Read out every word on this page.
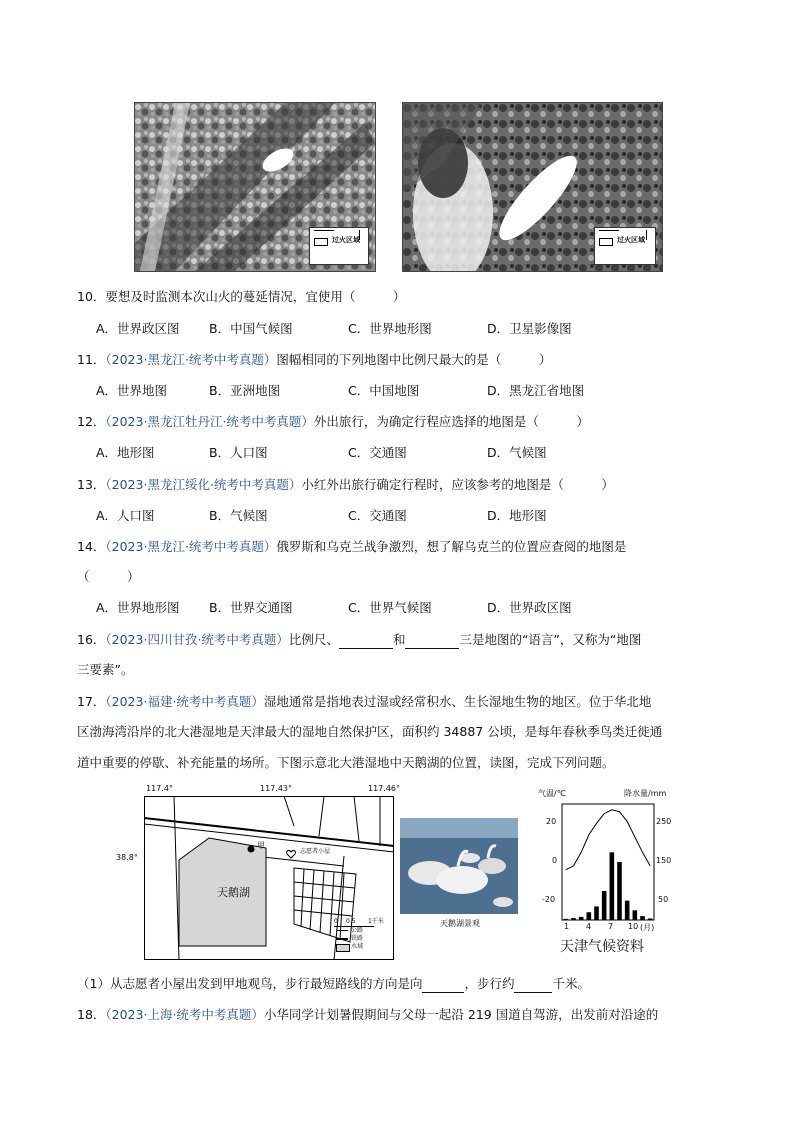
过火区域	过火区域
10．要想及时监测本次山火的蔓延情况，宜使用（　　　）
A．世界政区图 B．中国气候图	C．世界地形图	D．卫星影像图
11．（2023·黑龙江·统考中考真题）图幅相同的下列地图中比例尺最大的是（　　　）
A．世界地图	B．亚洲地图	C．中国地图	D．黑龙江省地图
12．（2023·黑龙江牡丹江·统考中考真题）外出旅行，为确定行程应选择的地图是（　　　）
A．地形图	B．人口图	C．交通图	D．气候图
13．（2023·黑龙江绥化·统考中考真题）小红外出旅行确定行程时，应该参考的地图是（　　　）
A．人口图	B．气候图	C．交通图	D．地形图
14．（2023·黑龙江·统考中考真题）俄罗斯和乌克兰战争激烈，想了解乌克兰的位置应查阅的地图是
（　　　）
A．世界地形图 B．世界交通图	C．世界气候图	D．世界政区图
16．（2023·四川甘孜·统考中考真题）比例尺、	和	三是地图的“语言”，又称为“地图
三要素”。
17．（2023·福建·统考中考真题）湿地通常是指地表过湿或经常积水、生长湿地生物的地区。位于华北地
区渤海湾沿岸的北大港湿地是天津最大的湿地自然保护区，面积约 34887 公顷，是每年春秋季鸟类迁徙通
道中重要的停歇、补充能量的场所。下图示意北大港湿地中天鹅湖的位置，读图，完成下列问题。
117.4°	117.43°	117.46°
38.8°
天鹅湖
甲
志愿者小屋
0 0.5 1千米
公路
铁路
水域
天鹅湖景观
气温/℃	降水量/mm
20
0
-20
250
150
50
1 4 7 10 (月)
天津气候资料
（1）从志愿者小屋出发到甲地观鸟，步行最短路线的方向是向	，步行约	千米。
18．（2023·上海·统考中考真题）小华同学计划暑假期间与父母一起沿 219 国道自驾游，出发前对沿途的
